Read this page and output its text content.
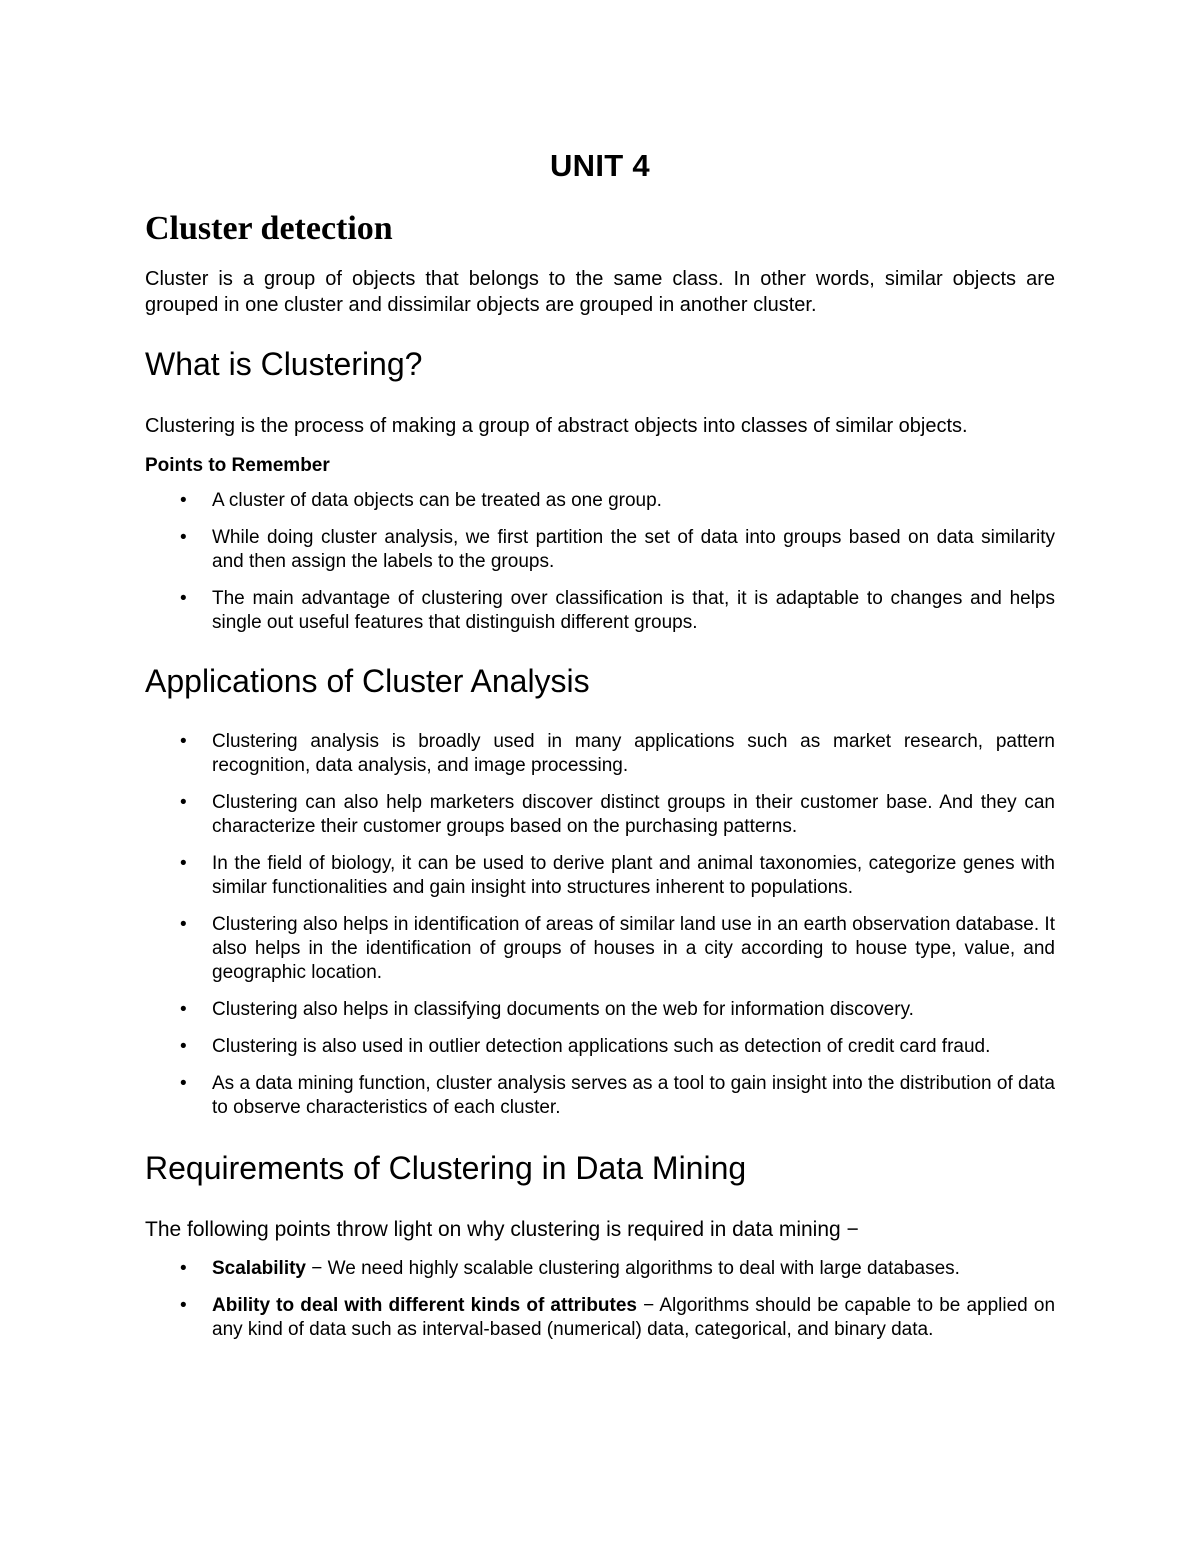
UNIT 4
Cluster detection

Cluster is a group of objects that belongs to the same class. In other words, similar objects are grouped in one cluster and dissimilar objects are grouped in another cluster.

What is Clustering?

Clustering is the process of making a group of abstract objects into classes of similar objects.

Points to Remember
• A cluster of data objects can be treated as one group.
• While doing cluster analysis, we first partition the set of data into groups based on data similarity and then assign the labels to the groups.
• The main advantage of clustering over classification is that, it is adaptable to changes and helps single out useful features that distinguish different groups.
Applications of Cluster Analysis
• Clustering analysis is broadly used in many applications such as market research, pattern recognition, data analysis, and image processing.
• Clustering can also help marketers discover distinct groups in their customer base. And they can characterize their customer groups based on the purchasing patterns.
• In the field of biology, it can be used to derive plant and animal taxonomies, categorize genes with similar functionalities and gain insight into structures inherent to populations.
• Clustering also helps in identification of areas of similar land use in an earth observation database. It also helps in the identification of groups of houses in a city according to house type, value, and geographic location.
• Clustering also helps in classifying documents on the web for information discovery.
• Clustering is also used in outlier detection applications such as detection of credit card fraud.
• As a data mining function, cluster analysis serves as a tool to gain insight into the distribution of data to observe characteristics of each cluster.
Requirements of Clustering in Data Mining

The following points throw light on why clustering is required in data mining −

• Scalability − We need highly scalable clustering algorithms to deal with large databases.
• Ability to deal with different kinds of attributes − Algorithms should be capable to be applied on any kind of data such as interval-based (numerical) data, categorical, and binary data.
